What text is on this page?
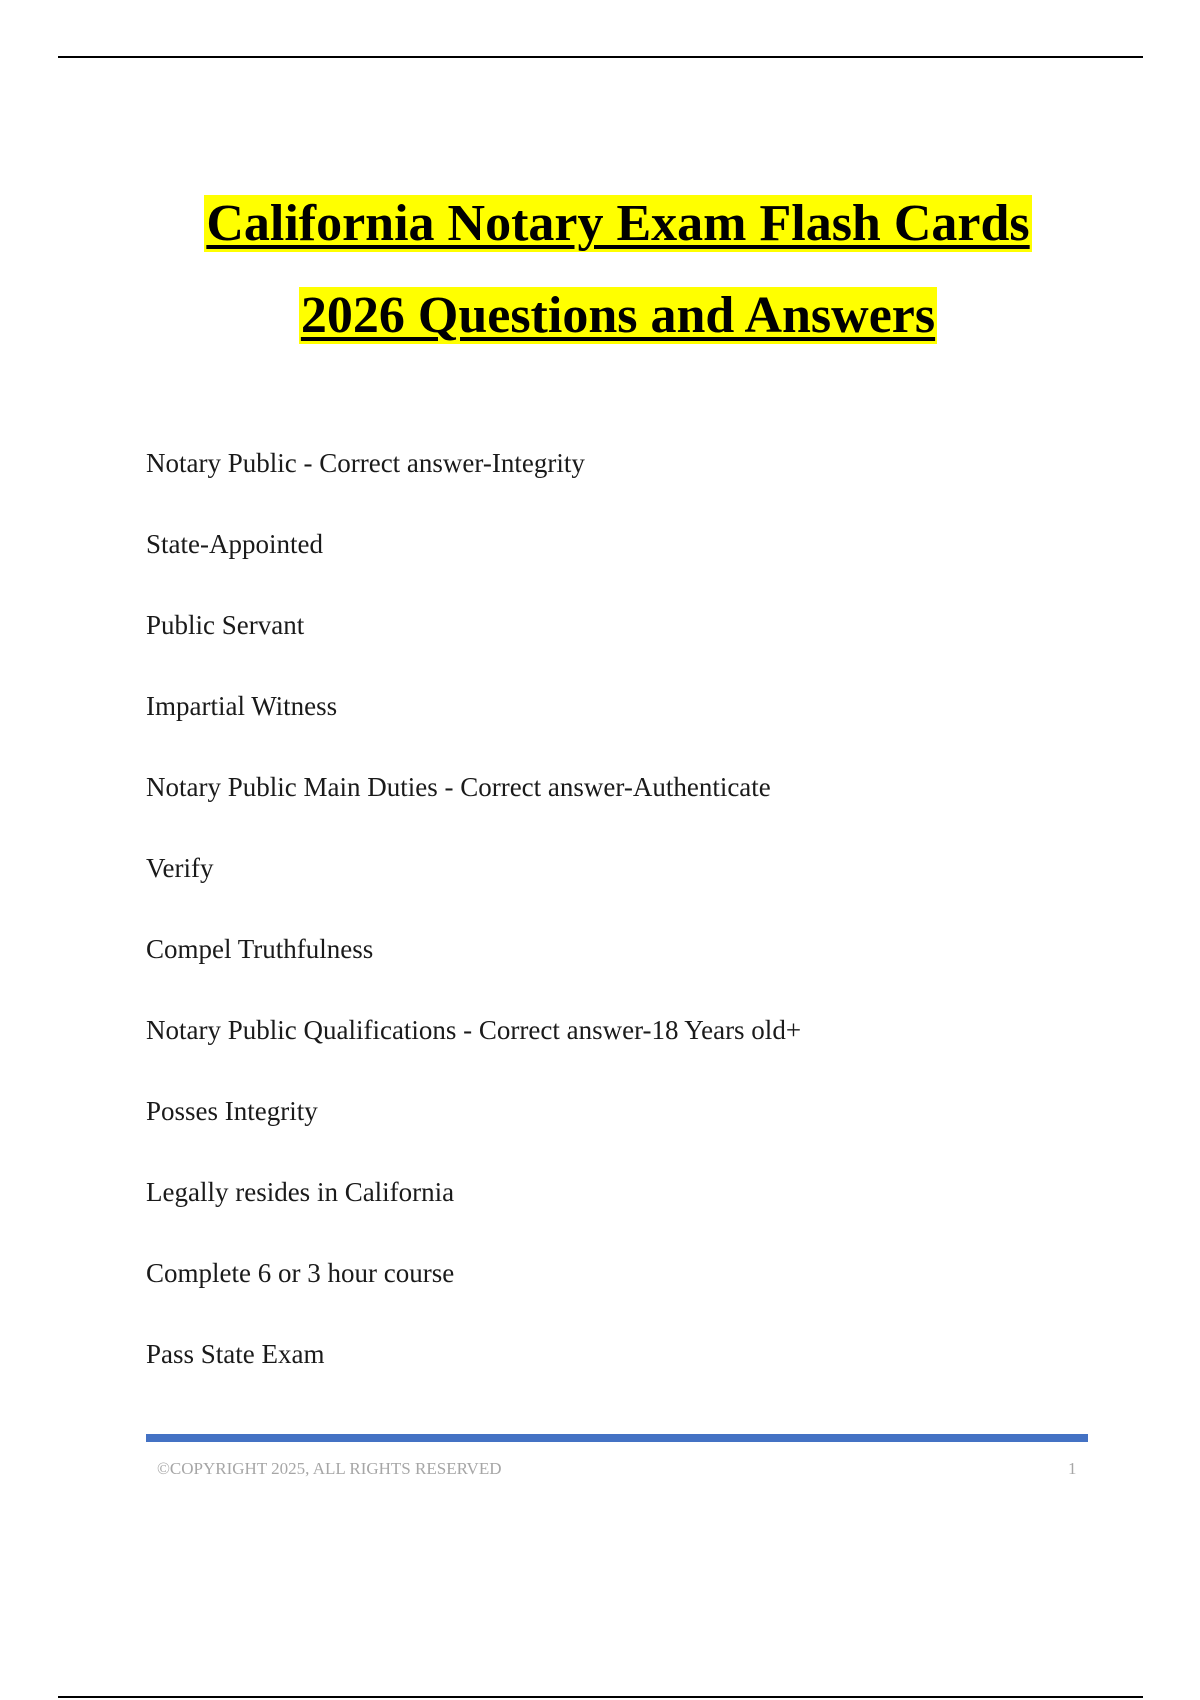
California Notary Exam Flash Cards
2026 Questions and Answers
Notary Public - Correct answer-Integrity
State-Appointed
Public Servant
Impartial Witness
Notary Public Main Duties - Correct answer-Authenticate
Verify
Compel Truthfulness
Notary Public Qualifications - Correct answer-18 Years old+
Posses Integrity
Legally resides in California
Complete 6 or 3 hour course
Pass State Exam
©COPYRIGHT 2025, ALL RIGHTS RESERVED	1
